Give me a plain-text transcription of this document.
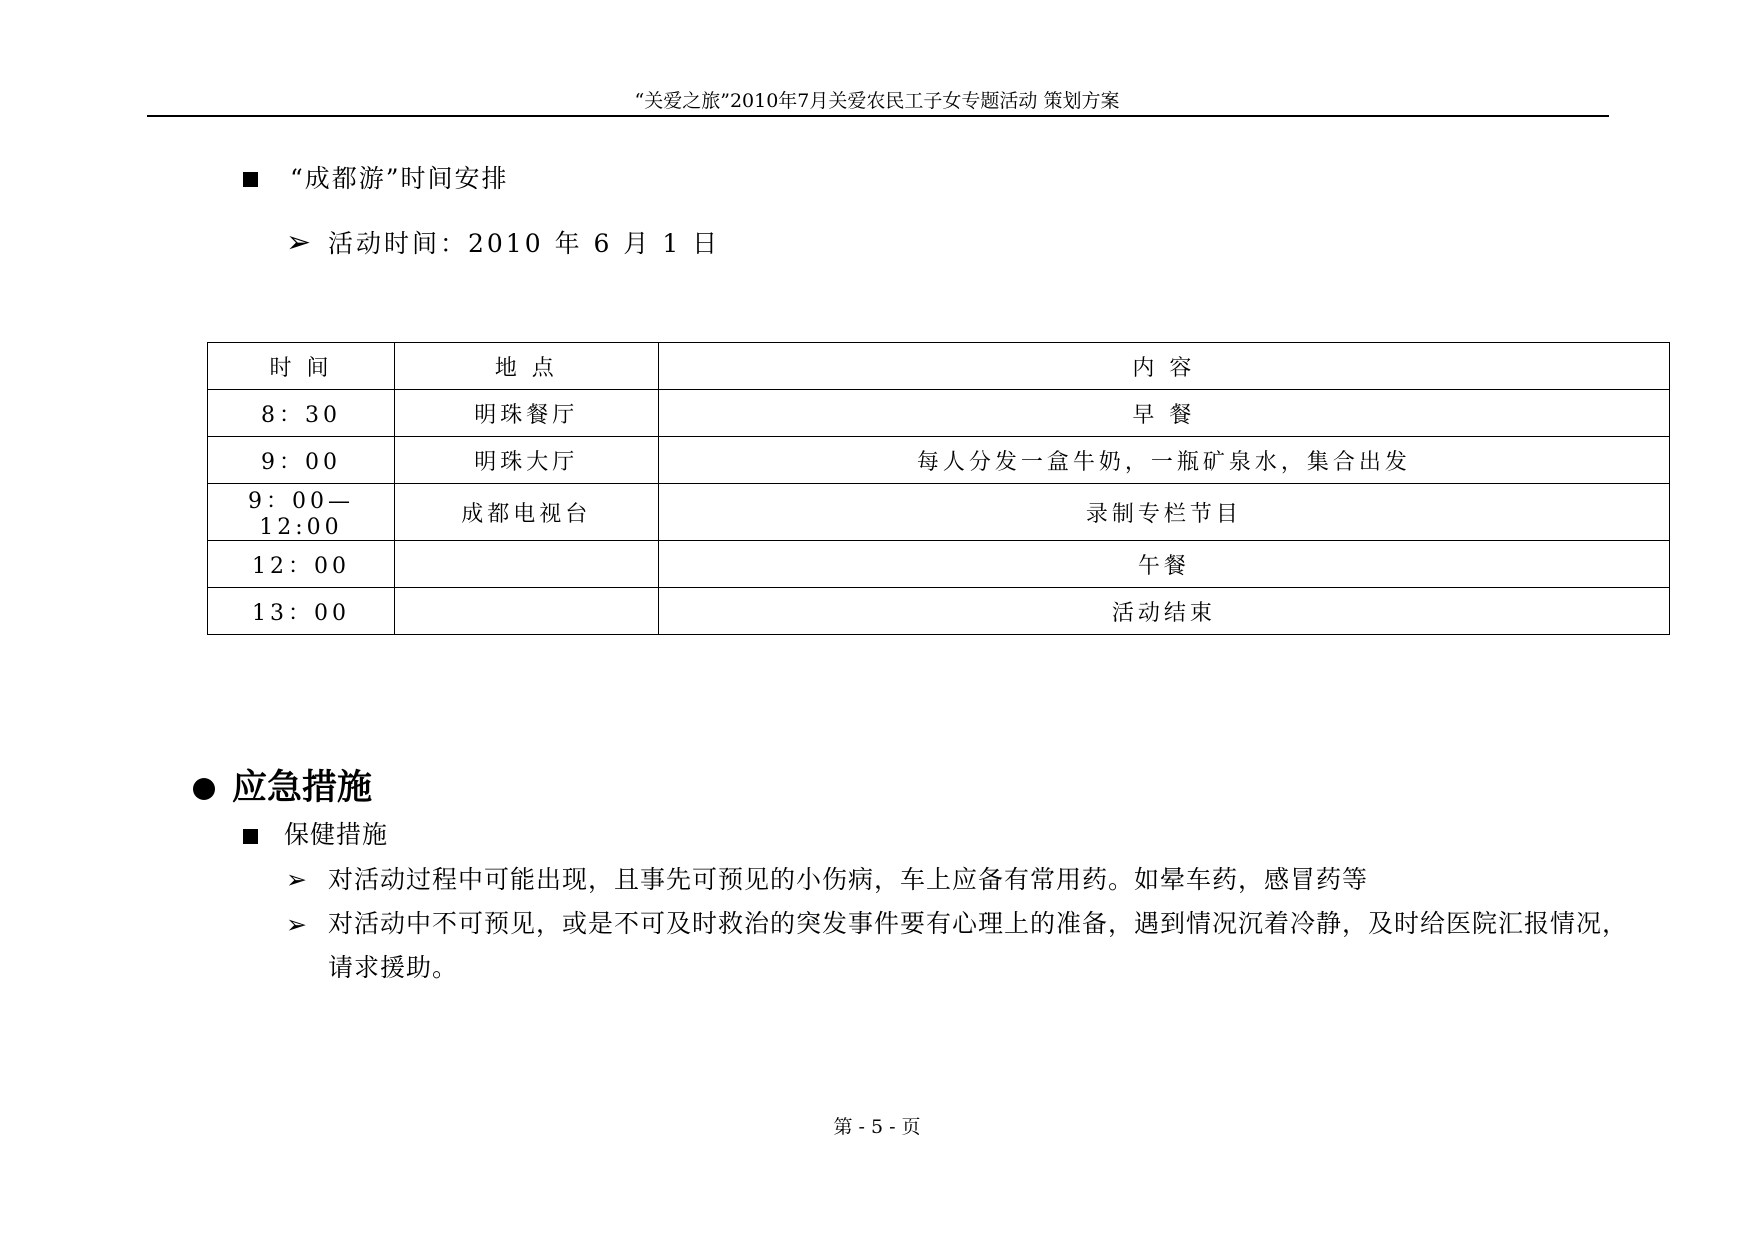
“关爱之旅”2010年7月关爱农民工子女专题活动 策划方案
“成都游”时间安排
➢ 活动时间：2010 年 6 月 1 日
时 间	地 点	内 容
8：30	明珠餐厅	早 餐
9：00	明珠大厅	每人分发一盒牛奶，一瓶矿泉水，集合出发
9：00—12:00	成都电视台	录制专栏节目
12：00		午餐
13：00		活动结束
应急措施
保健措施
➢ 对活动过程中可能出现，且事先可预见的小伤病，车上应备有常用药。如晕车药，感冒药等
➢ 对活动中不可预见，或是不可及时救治的突发事件要有心理上的准备，遇到情况沉着冷静，及时给医院汇报情况，请求援助。
第 - 5 - 页
